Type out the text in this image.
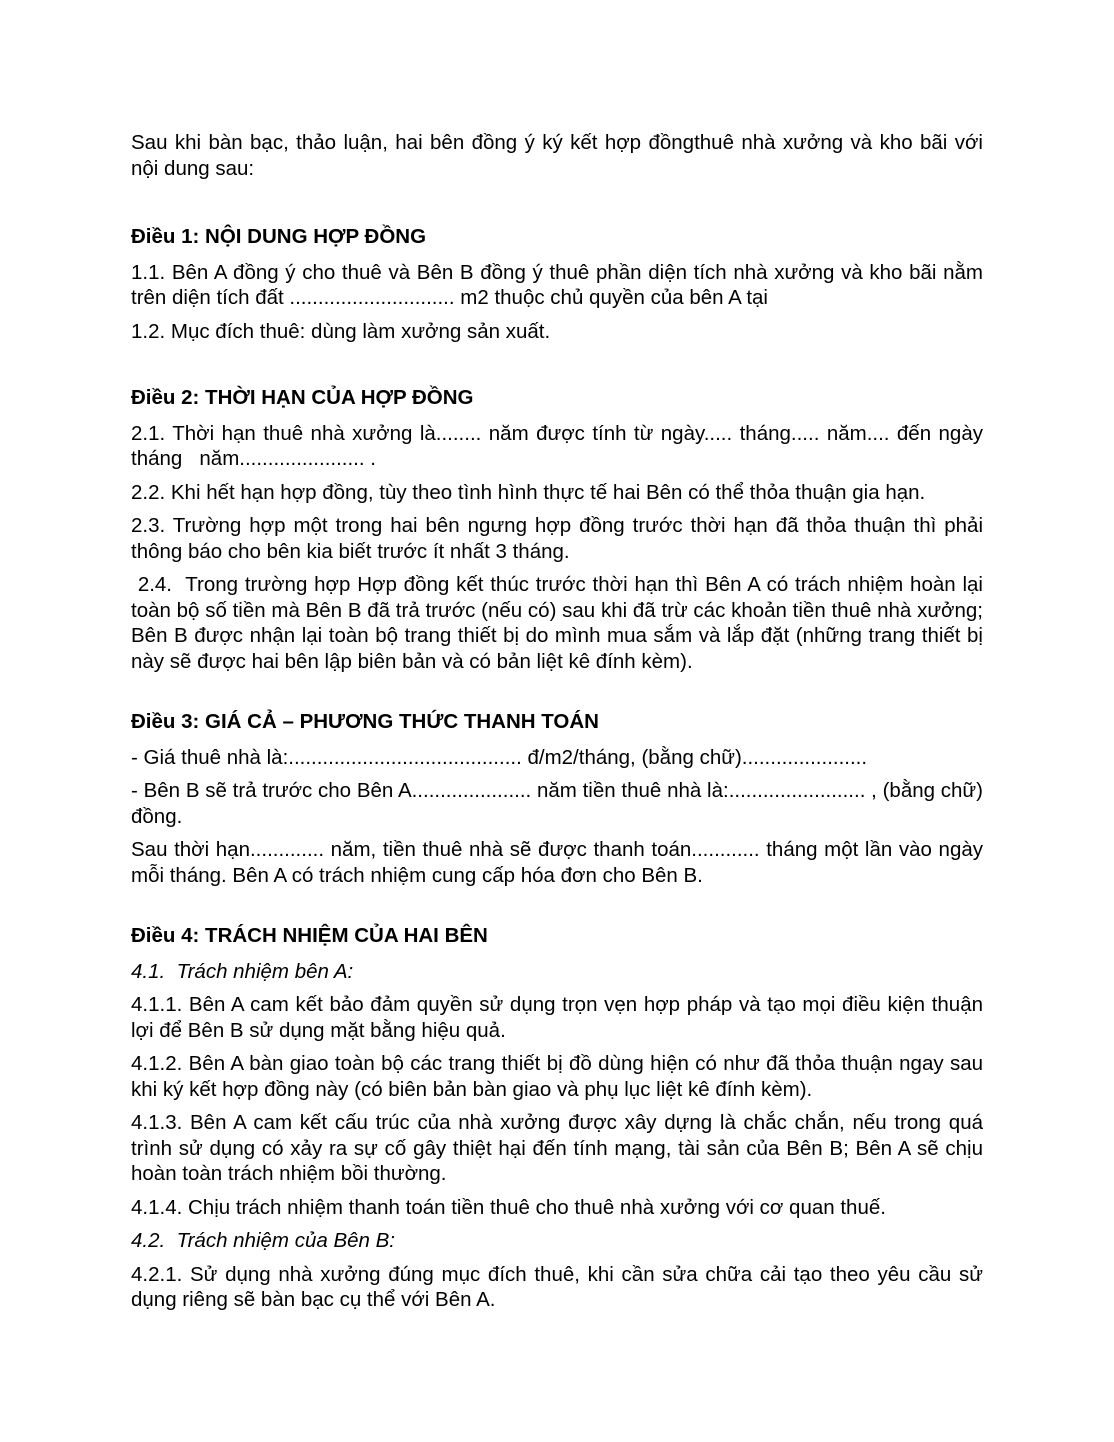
Sau khi bàn bạc, thảo luận, hai bên đồng ý ký kết hợp đồngthuê nhà xưởng và kho bãi với nội dung sau:

Điều 1: NỘI DUNG HỢP ĐỒNG

1.1. Bên A đồng ý cho thuê và Bên B đồng ý thuê phần diện tích nhà xưởng và kho bãi nằm trên diện tích đất ............................. m2 thuộc chủ quyền của bên A tại

1.2. Mục đích thuê: dùng làm xưởng sản xuất.

Điều 2: THỜI HẠN CỦA HỢP ĐỒNG

2.1. Thời hạn thuê nhà xưởng là........ năm được tính từ ngày..... tháng..... năm.... đến ngày          tháng   năm...................... .

2.2. Khi hết hạn hợp đồng, tùy theo tình hình thực tế hai Bên có thể thỏa thuận gia hạn.

2.3. Trường hợp một trong hai bên ngưng hợp đồng trước thời hạn đã thỏa thuận thì phải thông báo cho bên kia biết trước ít nhất 3 tháng.

2.4.  Trong trường hợp Hợp đồng kết thúc trước thời hạn thì Bên A có trách nhiệm hoàn lại toàn bộ số tiền mà Bên B đã trả trước (nếu có) sau khi đã trừ các khoản tiền thuê nhà xưởng; Bên B được nhận lại toàn bộ trang thiết bị do mình mua sắm và lắp đặt (những trang thiết bị này sẽ được hai bên lập biên bản và có bản liệt kê đính kèm).

Điều 3: GIÁ CẢ – PHƯƠNG THỨC THANH TOÁN

- Giá thuê nhà là:......................................... đ/m2/tháng, (bằng chữ)......................

- Bên B sẽ trả trước cho Bên A..................... năm tiền thuê nhà là:........................ , (bằng chữ)      đồng.

Sau thời hạn............. năm, tiền thuê nhà sẽ được thanh toán............ tháng một lần vào ngày           mỗi tháng. Bên A có trách nhiệm cung cấp hóa đơn cho Bên B.

Điều 4: TRÁCH NHIỆM CỦA HAI BÊN

4.1.  Trách nhiệm bên A:

4.1.1. Bên A cam kết bảo đảm quyền sử dụng trọn vẹn hợp pháp và tạo mọi điều kiện thuận lợi để Bên B sử dụng mặt bằng hiệu quả.

4.1.2. Bên A bàn giao toàn bộ các trang thiết bị đồ dùng hiện có như đã thỏa thuận ngay sau khi ký kết hợp đồng này (có biên bản bàn giao và phụ lục liệt kê đính kèm).

4.1.3. Bên A cam kết cấu trúc của nhà xưởng được xây dựng là chắc chắn, nếu trong quá trình sử dụng có xảy ra sự cố gây thiệt hại đến tính mạng, tài sản của Bên B; Bên A sẽ chịu hoàn toàn trách nhiệm bồi thường.

4.1.4. Chịu trách nhiệm thanh toán tiền thuê cho thuê nhà xưởng với cơ quan thuế.

4.2.  Trách nhiệm của Bên B:

4.2.1. Sử dụng nhà xưởng đúng mục đích thuê, khi cần sửa chữa cải tạo theo yêu cầu sử dụng riêng sẽ bàn bạc cụ thể với Bên A.
